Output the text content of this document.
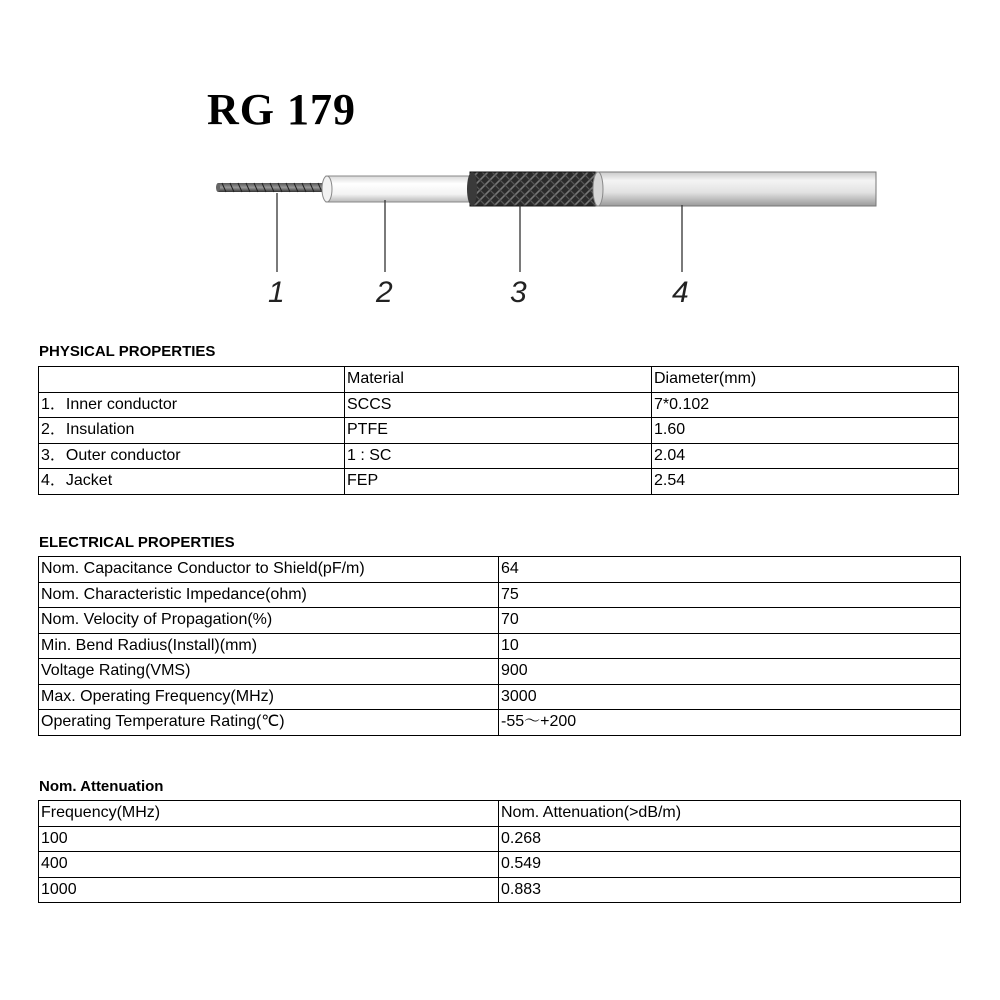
RG 179
1	2	3	4
PHYSICAL PROPERTIES
	Material	Diameter(mm)
1．Inner conductor	SCCS	7*0.102
2．Insulation	PTFE	1.60
3．Outer conductor	1 : SC	2.04
4．Jacket	FEP	2.54
ELECTRICAL PROPERTIES
Nom. Capacitance Conductor to Shield(pF/m)	64
Nom. Characteristic Impedance(ohm)	75
Nom. Velocity of Propagation(%)	70
Min. Bend Radius(Install)(mm)	10
Voltage Rating(VMS)	900
Max. Operating Frequency(MHz)	3000
Operating Temperature Rating(℃)	-55～+200
Nom. Attenuation
Frequency(MHz)	Nom. Attenuation(>dB/m)
100	0.268
400	0.549
1000	0.883
